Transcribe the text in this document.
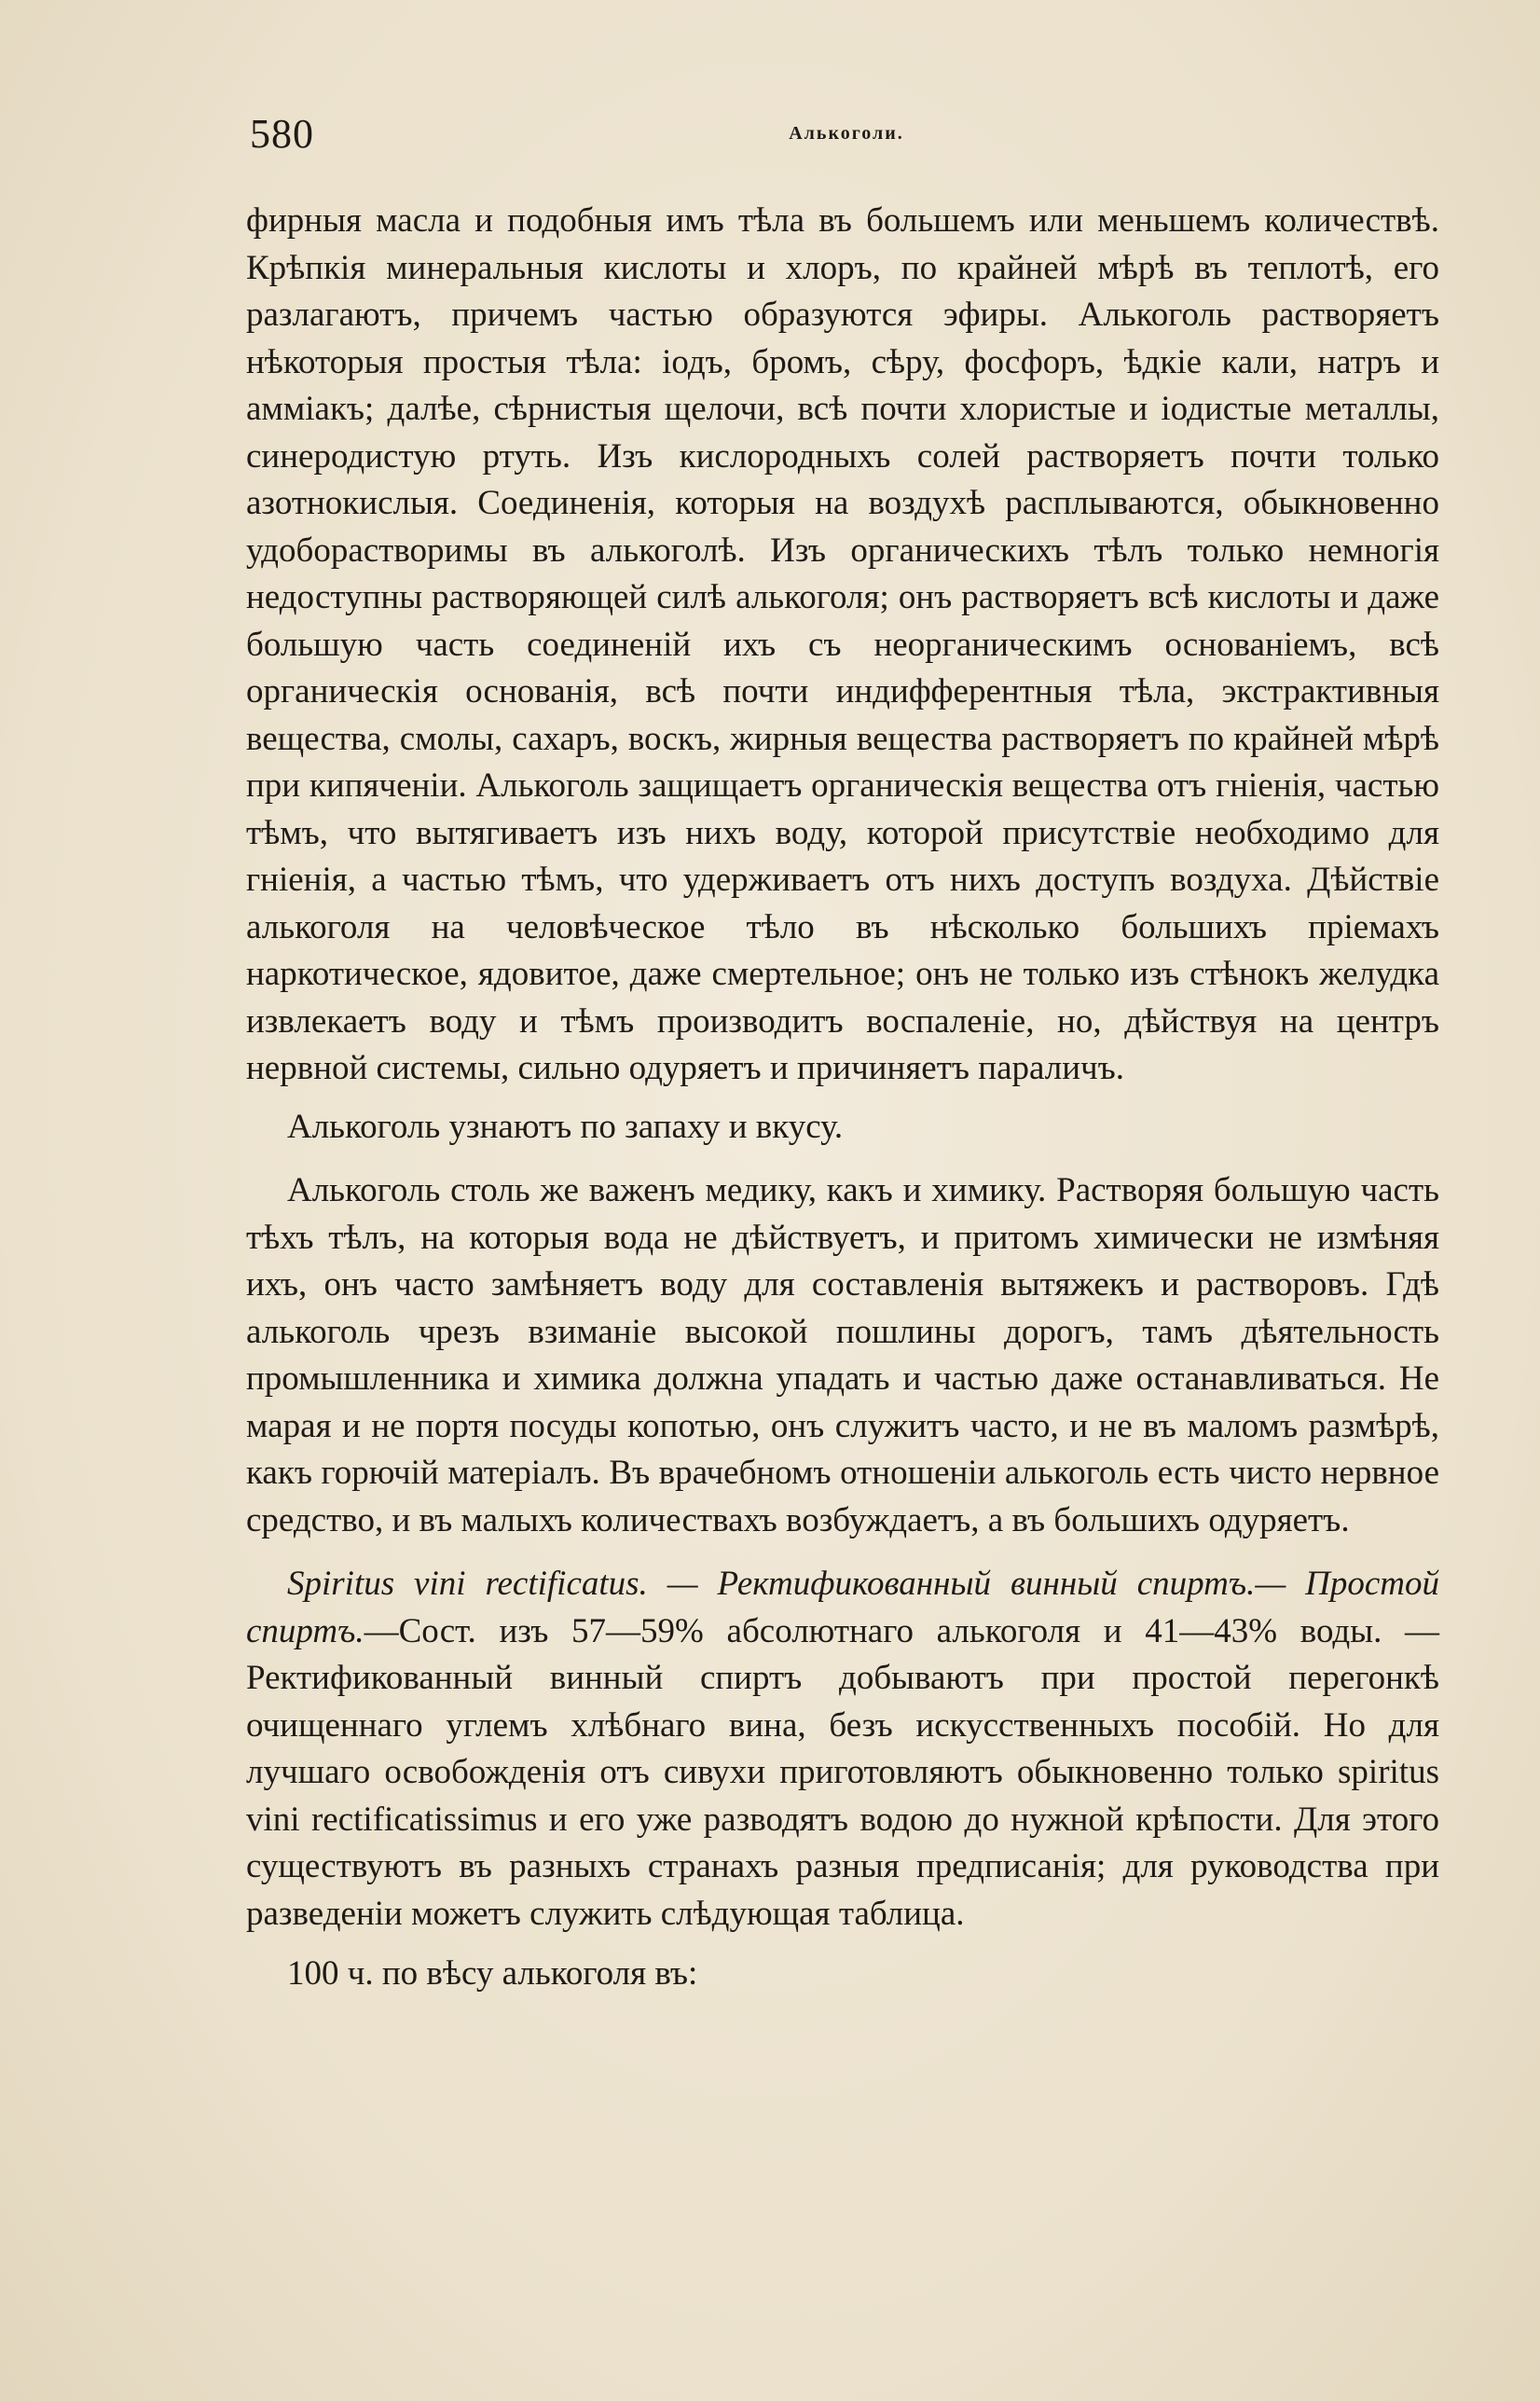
580	Алькоголи.

фирныя масла и подобныя имъ тѣла въ большемъ или меньшемъ количествѣ. Крѣпкія минеральныя кислоты и хлоръ, по крайней мѣрѣ въ теплотѣ, его разлагаютъ, причемъ частью образуются эфиры. Алькоголь растворяетъ нѣкоторыя простыя тѣла: іодъ, бромъ, сѣру, фосфоръ, ѣдкіе кали, натръ и амміакъ; далѣе, сѣрнистыя щелочи, всѣ почти хлористые и іодистые металлы, синеродистую ртуть. Изъ кислородныхъ солей растворяетъ почти только азотнокислыя. Соединенія, которыя на воздухѣ расплываются, обыкновенно удоборастворимы въ алькоголѣ. Изъ органическихъ тѣлъ только немногія недоступны растворяющей силѣ алькоголя; онъ растворяетъ всѣ кислоты и даже большую часть соединеній ихъ съ неорганическимъ основаніемъ, всѣ органическія основанія, всѣ почти индифферентныя тѣла, экстрактивныя вещества, смолы, сахаръ, воскъ, жирныя вещества растворяетъ по крайней мѣрѣ при кипяченіи. Алькоголь защищаетъ органическія вещества отъ гніенія, частью тѣмъ, что вытягиваетъ изъ нихъ воду, которой присутствіе необходимо для гніенія, а частью тѣмъ, что удерживаетъ отъ нихъ доступъ воздуха. Дѣйствіе алькоголя на человѣческое тѣло въ нѣсколько большихъ пріемахъ наркотическое, ядовитое, даже смертельное; онъ не только изъ стѣнокъ желудка извлекаетъ воду и тѣмъ производитъ воспаленіе, но, дѣйствуя на центръ нервной системы, сильно одуряетъ и причиняетъ параличъ.

Алькоголь узнаютъ по запаху и вкусу.

Алькоголь столь же важенъ медику, какъ и химику. Растворяя большую часть тѣхъ тѣлъ, на которыя вода не дѣйствуетъ, и притомъ химически не измѣняя ихъ, онъ часто замѣняетъ воду для составленія вытяжекъ и растворовъ. Гдѣ алькоголь чрезъ взиманіе высокой пошлины дорогъ, тамъ дѣятельность промышленника и химика должна упадать и частью даже останавливаться. Не марая и не портя посуды копотью, онъ служитъ часто, и не въ маломъ размѣрѣ, какъ горючій матеріалъ. Въ врачебномъ отношеніи алькоголь есть чисто нервное средство, и въ малыхъ количествахъ возбуждаетъ, а въ большихъ одуряетъ.

Spiritus vini rectificatus. — Ректификованный винный спиртъ.— Простой спиртъ.—Сост. изъ 57—59% абсолютнаго алькоголя и 41—43% воды. — Ректификованный винный спиртъ добываютъ при простой перегонкѣ очищеннаго углемъ хлѣбнаго вина, безъ искусственныхъ пособій. Но для лучшаго освобожденія отъ сивухи приготовляютъ обыкновенно только spiritus vini rectificatissimus и его уже разводятъ водою до нужной крѣпости. Для этого существуютъ въ разныхъ странахъ разныя предписанія; для руководства при разведеніи можетъ служить слѣдующая таблица.

100 ч. по вѣсу алькоголя въ:
